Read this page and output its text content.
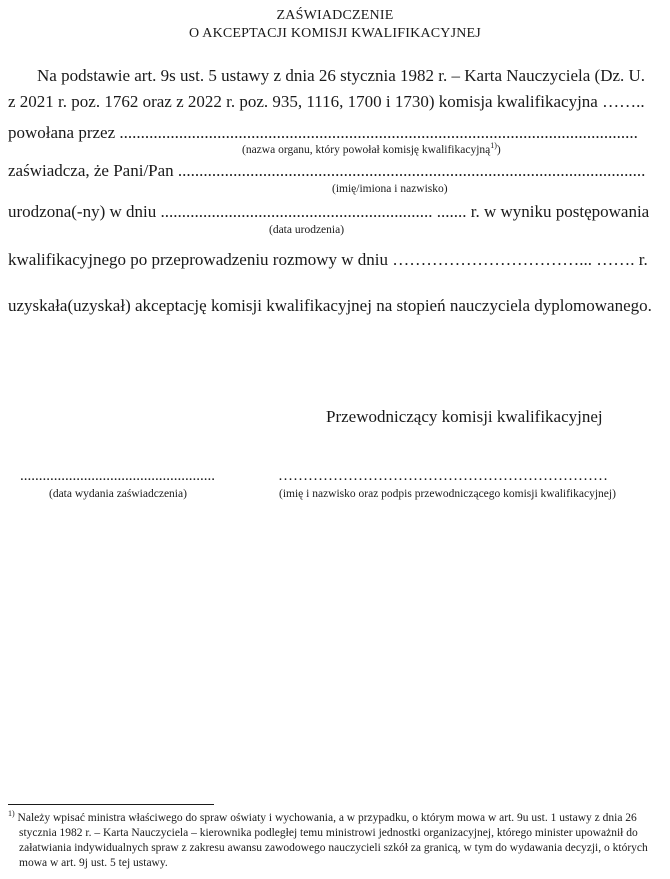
ZAŚWIADCZENIE
O AKCEPTACJI KOMISJI KWALIFIKACYJNEJ
Na podstawie art. 9s ust. 5 ustawy z dnia 26 stycznia 1982 r. – Karta Nauczyciela (Dz. U.
z 2021 r. poz. 1762 oraz z 2022 r. poz. 935, 1116, 1700 i 1730) komisja kwalifikacyjna ……..
powołana przez ..........................................................................................................................
(nazwa organu, który powołał komisję kwalifikacyjną$^{1)}$)
zaświadcza, że Pani/Pan ..............................................................................................................
(imię/imiona i nazwisko)
urodzona(-ny) w dniu ................................................................ ....... r. w wyniku postępowania
(data urodzenia)
kwalifikacyjnego po przeprowadzeniu rozmowy w dniu ……………………………... ……. r.
uzyskała(uzyskał) akceptację komisji kwalifikacyjnej na stopień nauczyciela dyplomowanego.
Przewodniczący komisji kwalifikacyjnej
....................................................
(data wydania zaświadczenia)
…………………………………………………………
(imię i nazwisko oraz podpis przewodniczącego komisji kwalifikacyjnej)
$^{1)}$ Należy wpisać ministra właściwego do spraw oświaty i wychowania, a w przypadku, o którym mowa w art. 9u ust. 1 ustawy z dnia 26 stycznia 1982 r. – Karta Nauczyciela – kierownika podległej temu ministrowi jednostki organizacyjnej, którego minister upoważnił do załatwiania indywidualnych spraw z zakresu awansu zawodowego nauczycieli szkół za granicą, w tym do wydawania decyzji, o których mowa w art. 9j ust. 5 tej ustawy.
